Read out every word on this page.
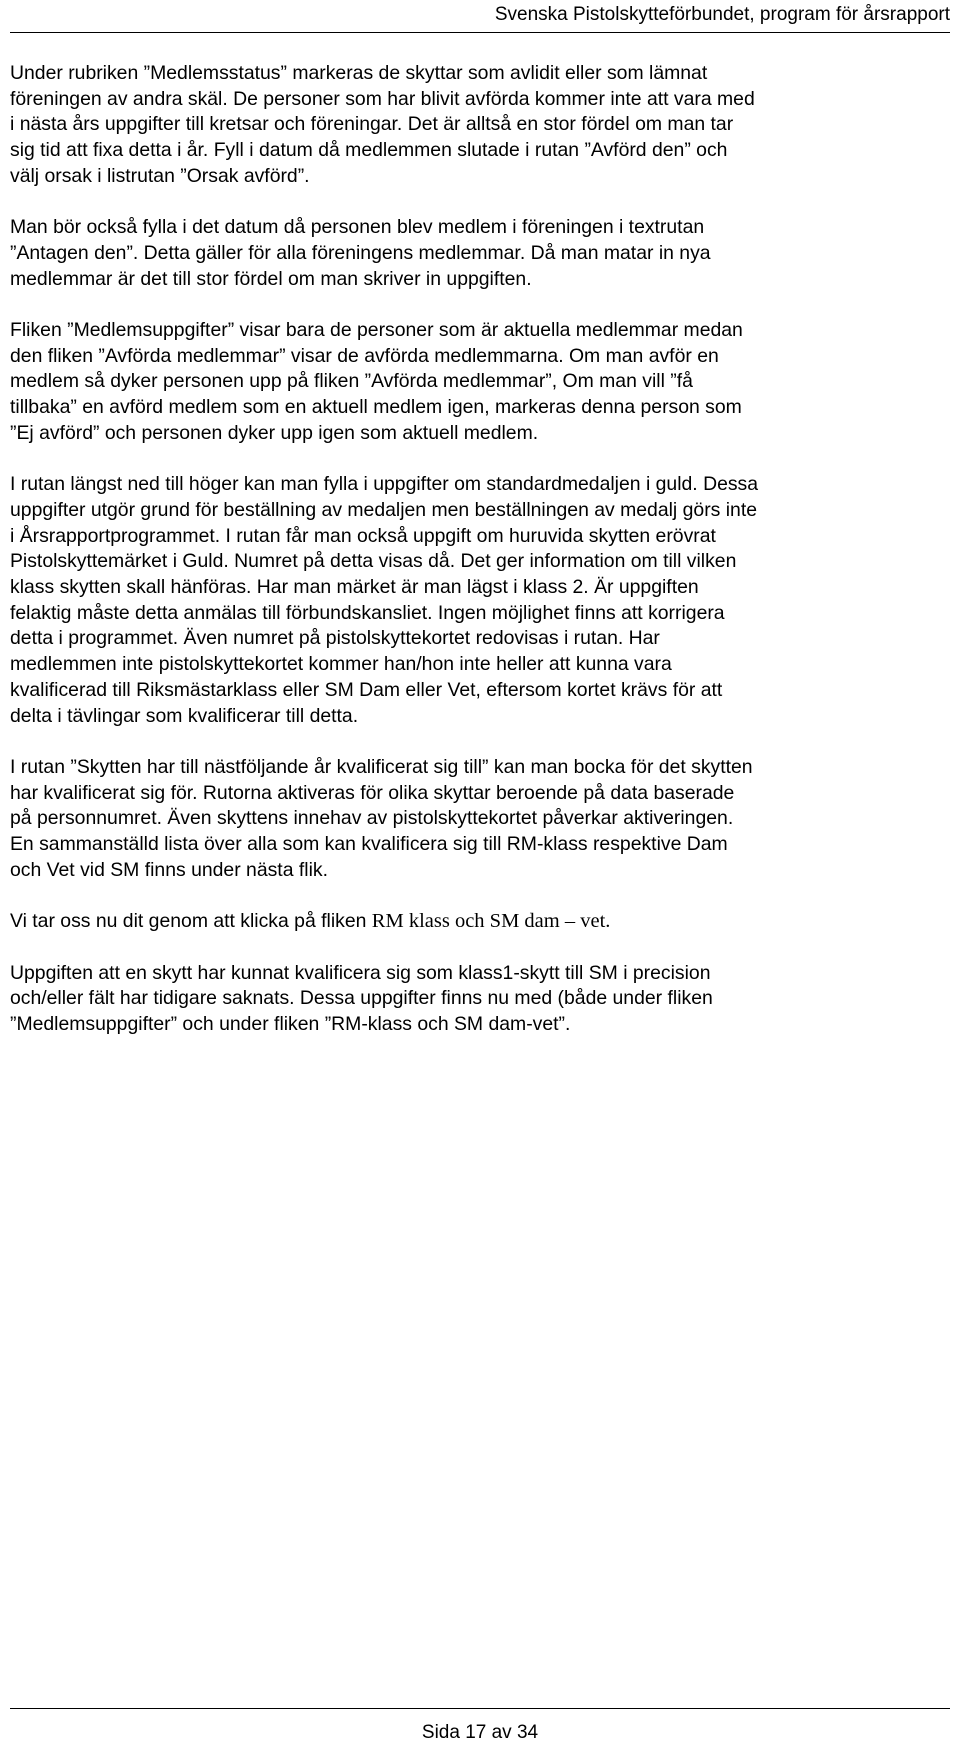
Svenska Pistolskytteförbundet, program för årsrapport

Under rubriken ”Medlemsstatus” markeras de skyttar som avlidit eller som lämnat
föreningen av andra skäl. De personer som har blivit avförda kommer inte att vara med
i nästa års uppgifter till kretsar och föreningar. Det är alltså en stor fördel om man tar
sig tid att fixa detta i år. Fyll i datum då medlemmen slutade i rutan ”Avförd den” och
välj orsak i listrutan ”Orsak avförd”.

Man bör också fylla i det datum då personen blev medlem i föreningen i textrutan
”Antagen den”. Detta gäller för alla föreningens medlemmar. Då man matar in nya
medlemmar är det till stor fördel om man skriver in uppgiften.

Fliken ”Medlemsuppgifter” visar bara de personer som är aktuella medlemmar medan
den fliken ”Avförda medlemmar” visar de avförda medlemmarna. Om man avför en
medlem så dyker personen upp på fliken ”Avförda medlemmar”, Om man vill ”få
tillbaka” en avförd medlem som en aktuell medlem igen, markeras denna person som
”Ej avförd” och personen dyker upp igen som aktuell medlem.

I rutan längst ned till höger kan man fylla i uppgifter om standardmedaljen i guld. Dessa
uppgifter utgör grund för beställning av medaljen men beställningen av medalj görs inte
i Årsrapportprogrammet. I rutan får man också uppgift om huruvida skytten erövrat
Pistolskyttemärket i Guld. Numret på detta visas då. Det ger information om till vilken
klass skytten skall hänföras. Har man märket är man lägst i klass 2. Är uppgiften
felaktig måste detta anmälas till förbundskansliet. Ingen möjlighet finns att korrigera
detta i programmet. Även numret på pistolskyttekortet redovisas i rutan. Har
medlemmen inte pistolskyttekortet kommer han/hon inte heller att kunna vara
kvalificerad till Riksmästarklass eller SM Dam eller Vet, eftersom kortet krävs för att
delta i tävlingar som kvalificerar till detta.

I rutan ”Skytten har till nästföljande år kvalificerat sig till” kan man bocka för det skytten
har kvalificerat sig för. Rutorna aktiveras för olika skyttar beroende på data baserade
på personnumret. Även skyttens innehav av pistolskyttekortet påverkar aktiveringen.
En sammanställd lista över alla som kan kvalificera sig till RM-klass respektive Dam
och Vet vid SM finns under nästa flik.

Vi tar oss nu dit genom att klicka på fliken RM klass och SM dam – vet.

Uppgiften att en skytt har kunnat kvalificera sig som klass1-skytt till SM i precision
och/eller fält har tidigare saknats. Dessa uppgifter finns nu med (både under fliken
”Medlemsuppgifter” och under fliken ”RM-klass och SM dam-vet”.

Sida 17 av 34
